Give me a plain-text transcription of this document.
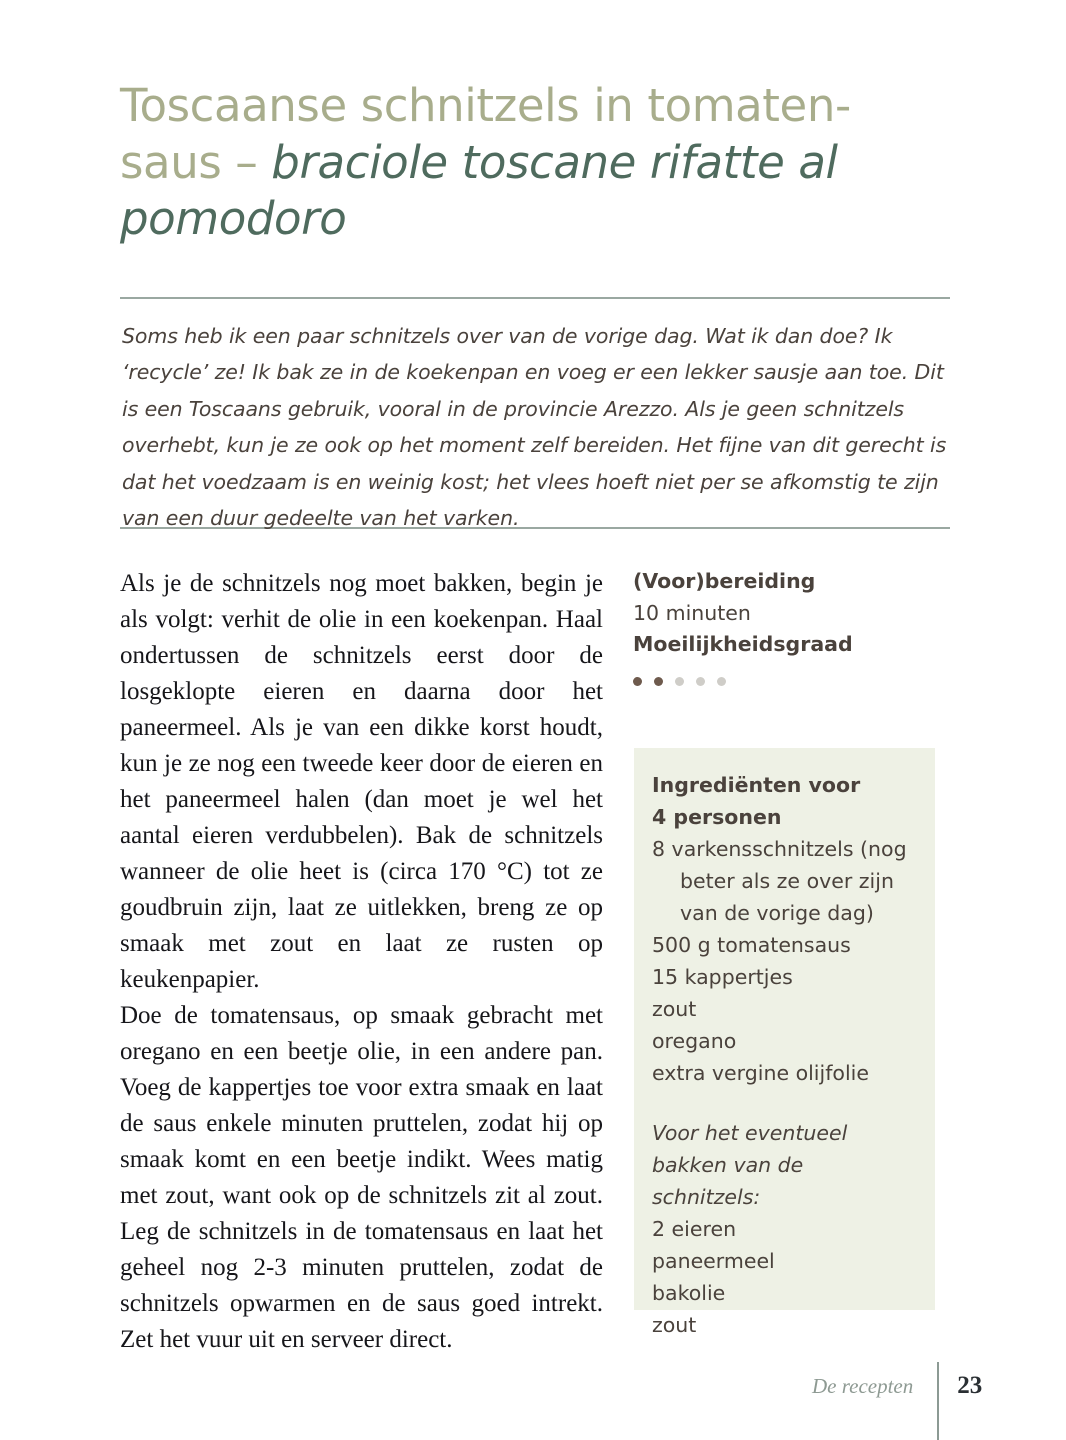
Toscaanse schnitzels in tomaten-saus – braciole toscane rifatte al pomodoro

Soms heb ik een paar schnitzels over van de vorige dag. Wat ik dan doe? Ik ‘recycle’ ze! Ik bak ze in de koekenpan en voeg er een lekker sausje aan toe. Dit is een Toscaans gebruik, vooral in de provincie Arezzo. Als je geen schnitzels overhebt, kun je ze ook op het moment zelf bereiden. Het fijne van dit gerecht is dat het voedzaam is en weinig kost; het vlees hoeft niet per se afkomstig te zijn van een duur gedeelte van het varken.

Als je de schnitzels nog moet bakken, begin je als volgt: verhit de olie in een koekenpan. Haal ondertussen de schnitzels eerst door de losgeklopte eieren en daarna door het paneermeel. Als je van een dikke korst houdt, kun je ze nog een tweede keer door de eieren en het paneermeel halen (dan moet je wel het aantal eieren verdubbelen). Bak de schnitzels wanneer de olie heet is (circa 170 °C) tot ze goudbruin zijn, laat ze uitlekken, breng ze op smaak met zout en laat ze rusten op keukenpapier.

Doe de tomatensaus, op smaak gebracht met oregano en een beetje olie, in een andere pan. Voeg de kappertjes toe voor extra smaak en laat de saus enkele minuten pruttelen, zodat hij op smaak komt en een beetje indikt. Wees matig met zout, want ook op de schnitzels zit al zout. Leg de schnitzels in de tomatensaus en laat het geheel nog 2-3 minuten pruttelen, zodat de schnitzels opwarmen en de saus goed intrekt. Zet het vuur uit en serveer direct.

(Voor)bereiding
10 minuten
Moeilijkheidsgraad
Ingrediënten voor
4 personen
8 varkensschnitzels (nog
beter als ze over zijn
van de vorige dag)
500 g tomatensaus
15 kappertjes
zout
oregano
extra vergine olijfolie
Voor het eventueel
bakken van de schnitzels:
2 eieren
paneermeel
bakolie
zout
De recepten	23
